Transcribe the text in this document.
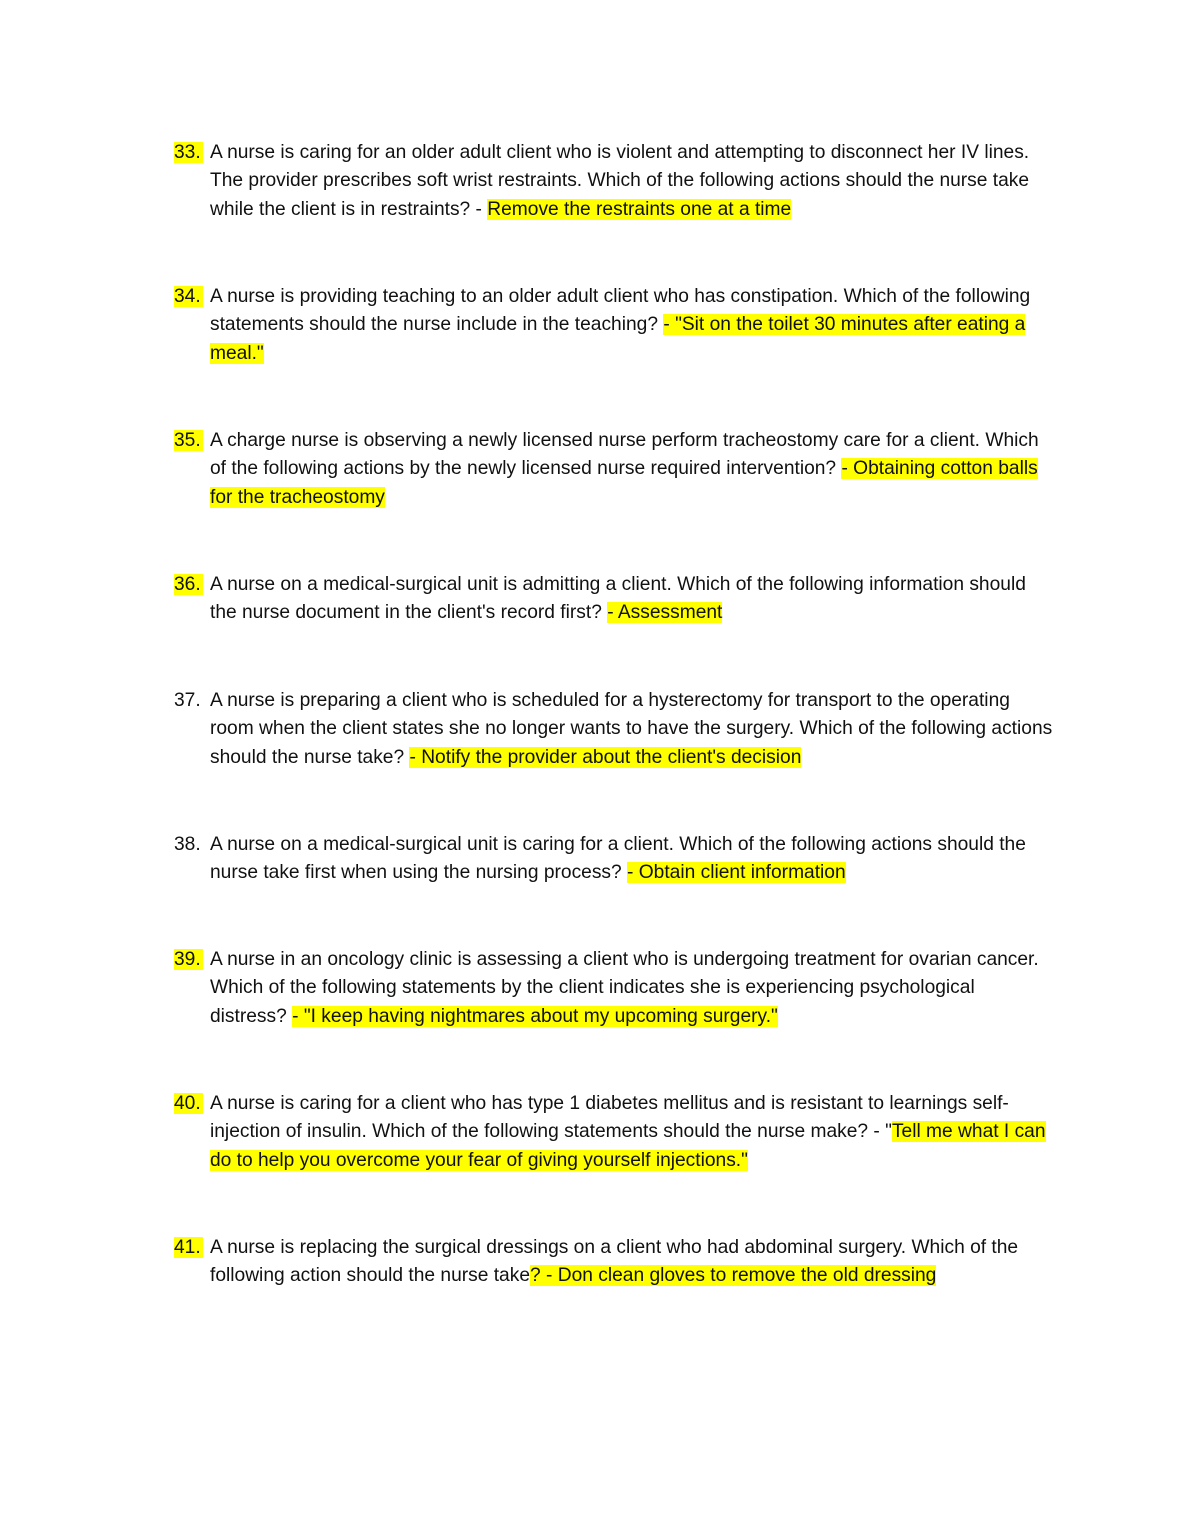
33. A nurse is caring for an older adult client who is violent and attempting to disconnect her IV lines. The provider prescribes soft wrist restraints. Which of the following actions should the nurse take while the client is in restraints? - Remove the restraints one at a time
34. A nurse is providing teaching to an older adult client who has constipation. Which of the following statements should the nurse include in the teaching? - "Sit on the toilet 30 minutes after eating a meal."
35. A charge nurse is observing a newly licensed nurse perform tracheostomy care for a client. Which of the following actions by the newly licensed nurse required intervention? - Obtaining cotton balls for the tracheostomy
36. A nurse on a medical-surgical unit is admitting a client. Which of the following information should the nurse document in the client's record first? - Assessment
37. A nurse is preparing a client who is scheduled for a hysterectomy for transport to the operating room when the client states she no longer wants to have the surgery. Which of the following actions should the nurse take? - Notify the provider about the client's decision
38. A nurse on a medical-surgical unit is caring for a client. Which of the following actions should the nurse take first when using the nursing process? - Obtain client information
39. A nurse in an oncology clinic is assessing a client who is undergoing treatment for ovarian cancer. Which of the following statements by the client indicates she is experiencing psychological distress? - "I keep having nightmares about my upcoming surgery."
40. A nurse is caring for a client who has type 1 diabetes mellitus and is resistant to learnings self-injection of insulin. Which of the following statements should the nurse make? - "Tell me what I can do to help you overcome your fear of giving yourself injections."
41. A nurse is replacing the surgical dressings on a client who had abdominal surgery. Which of the following action should the nurse take? - Don clean gloves to remove the old dressing
